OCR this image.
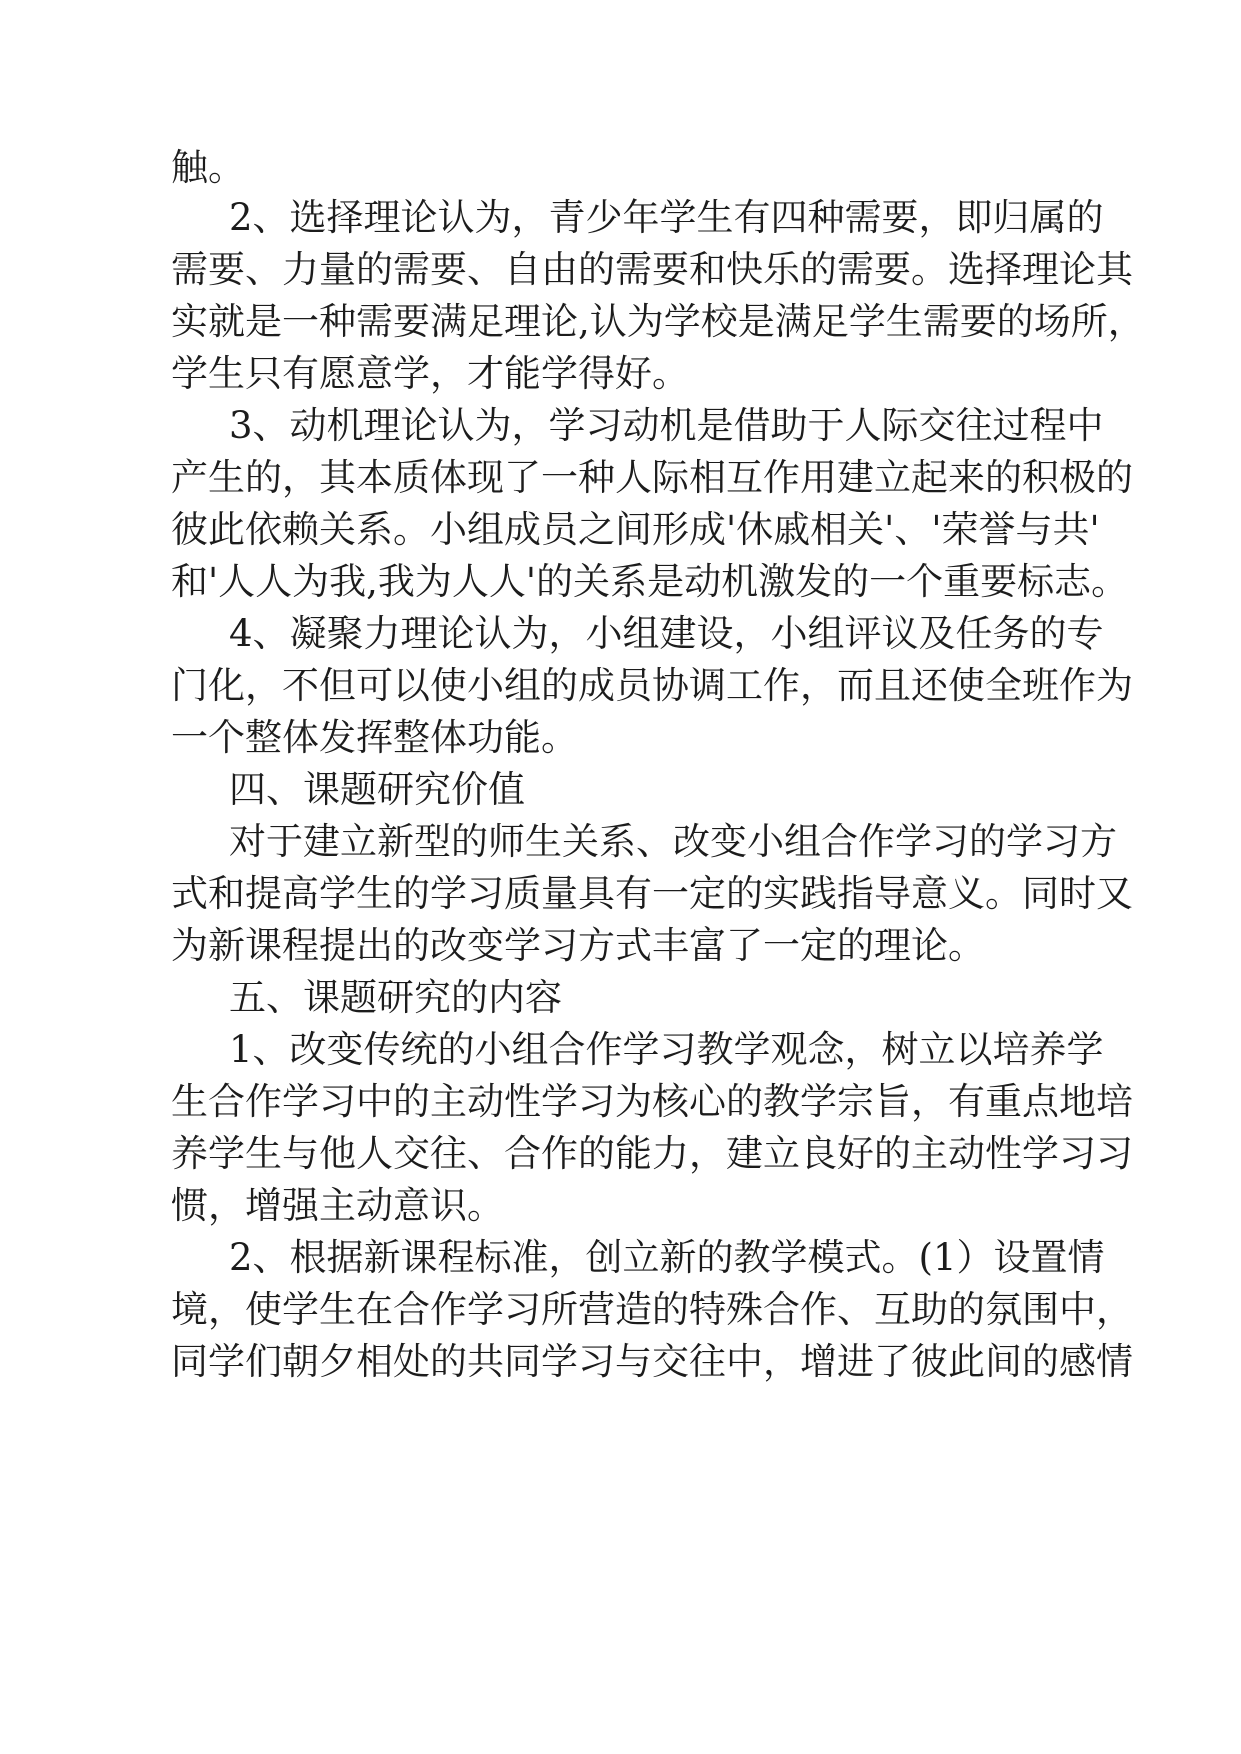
触。
2、选择理论认为，青少年学生有四种需要，即归属的
需要、力量的需要、自由的需要和快乐的需要。选择理论其
实就是一种需要满足理论,认为学校是满足学生需要的场所，
学生只有愿意学，才能学得好。
3、动机理论认为，学习动机是借助于人际交往过程中
产生的，其本质体现了一种人际相互作用建立起来的积极的
彼此依赖关系。小组成员之间形成'休戚相关'、'荣誉与共'
和'人人为我,我为人人'的关系是动机激发的一个重要标志。
4、凝聚力理论认为，小组建设，小组评议及任务的专
门化，不但可以使小组的成员协调工作，而且还使全班作为
一个整体发挥整体功能。
四、课题研究价值
对于建立新型的师生关系、改变小组合作学习的学习方
式和提高学生的学习质量具有一定的实践指导意义。同时又
为新课程提出的改变学习方式丰富了一定的理论。
五、课题研究的内容
1、改变传统的小组合作学习教学观念，树立以培养学
生合作学习中的主动性学习为核心的教学宗旨，有重点地培
养学生与他人交往、合作的能力，建立良好的主动性学习习
惯，增强主动意识。
2、根据新课程标准，创立新的教学模式。(1）设置情
境，使学生在合作学习所营造的特殊合作、互助的氛围中，
同学们朝夕相处的共同学习与交往中，增进了彼此间的感情
